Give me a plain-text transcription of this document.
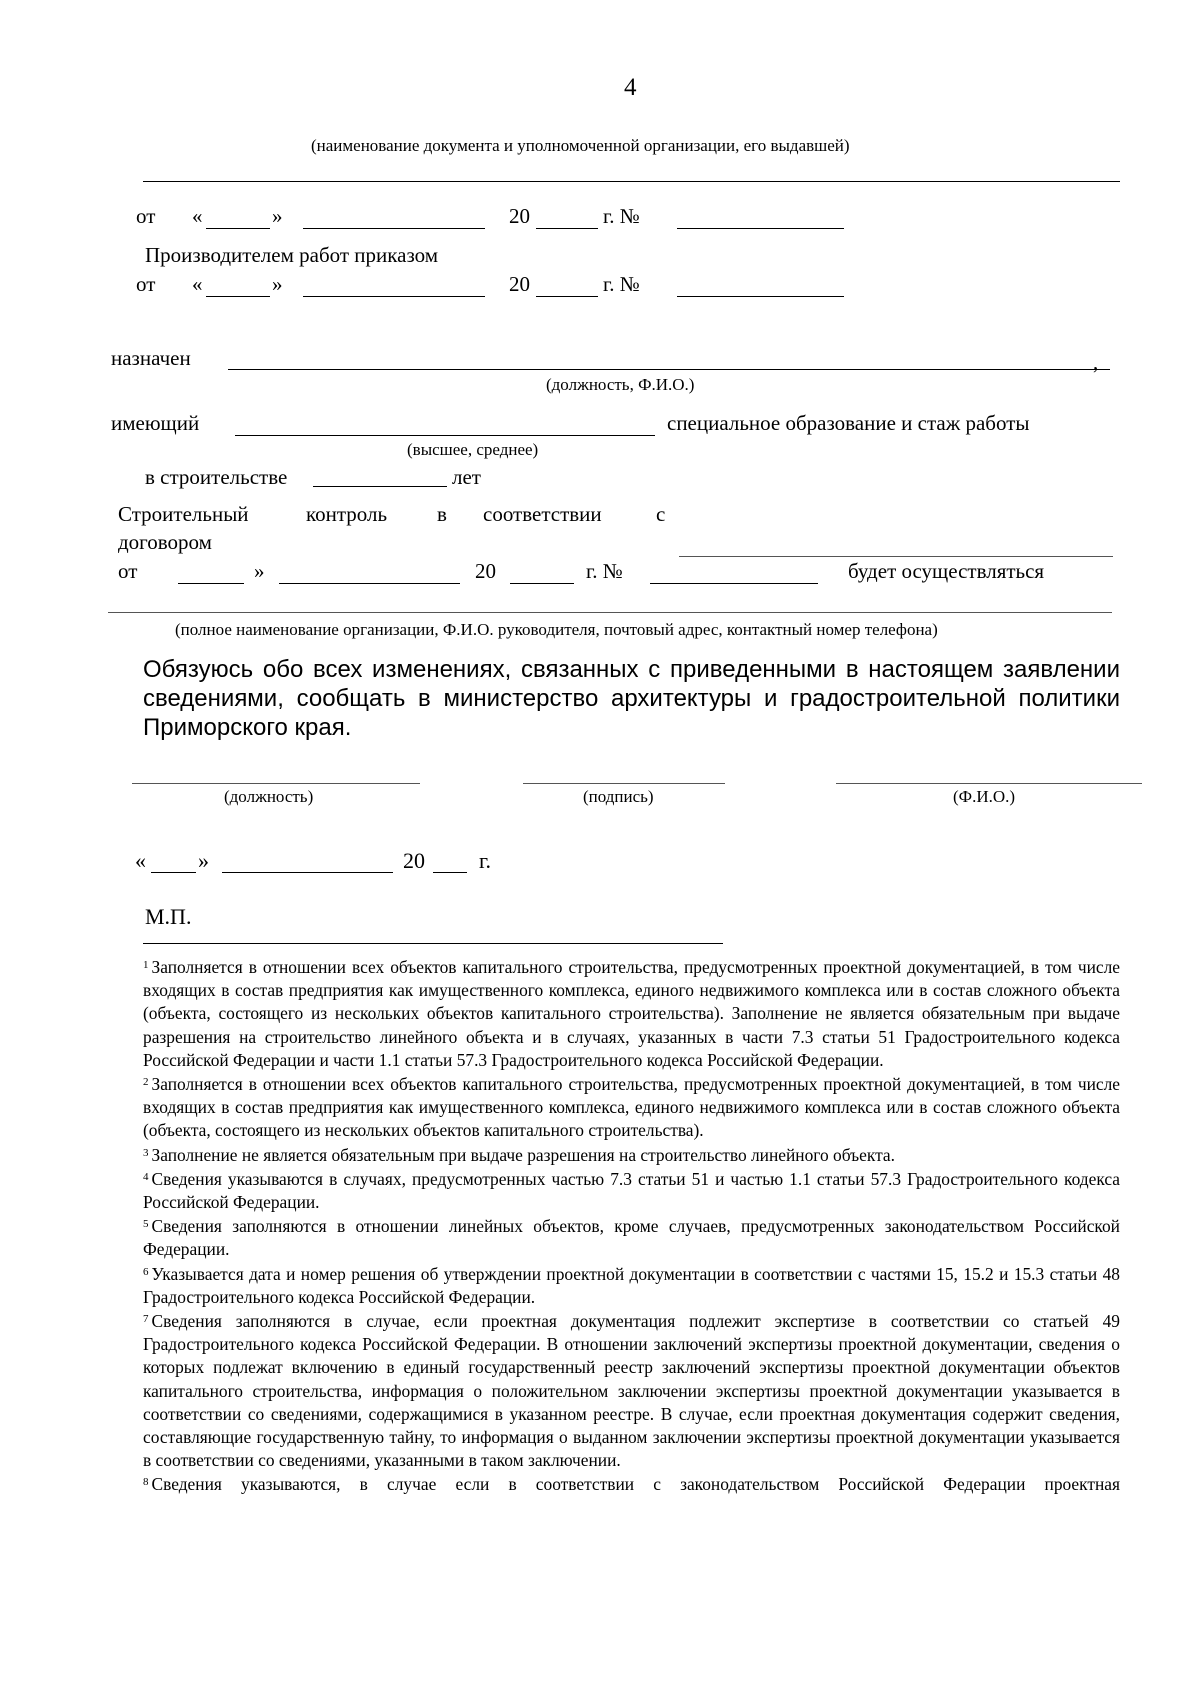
4
(наименование документа и уполномоченной организации, его выдавшей)
от «	»	20	г. №
Производителем работ приказом
от «	»	20	г. №
назначен	,
(должность, Ф.И.О.)
имеющий	специальное образование и стаж работы
(высшее, среднее)
в строительстве	лет
Строительный	контроль в соответствии	с
договором
от	»	20	г. №	будет осуществляться
(полное наименование организации, Ф.И.О. руководителя, почтовый адрес, контактный номер телефона)
Обязуюсь обо всех изменениях, связанных с приведенными в настоящем заявлении сведениями, сообщать в министерство архитектуры и градостроительной политики Приморского края.
(должность)	(подпись)	(Ф.И.О.)
« »	20 г.
М.П.

$^1$ Заполняется в отношении всех объектов капитального строительства, предусмотренных проектной документацией, в том числе входящих в состав предприятия как имущественного комплекса, единого недвижимого комплекса или в состав сложного объекта (объекта, состоящего из нескольких объектов капитального строительства). Заполнение не является обязательным при выдаче разрешения на строительство линейного объекта и в случаях, указанных в части 7.3 статьи 51 Градостроительного кодекса Российской Федерации и части 1.1 статьи 57.3 Градостроительного кодекса Российской Федерации.

$^2$ Заполняется в отношении всех объектов капитального строительства, предусмотренных проектной документацией, в том числе входящих в состав предприятия как имущественного комплекса, единого недвижимого комплекса или в состав сложного объекта (объекта, состоящего из нескольких объектов капитального строительства).

$^3$ Заполнение не является обязательным при выдаче разрешения на строительство линейного объекта.

$^4$ Сведения указываются в случаях, предусмотренных частью 7.3 статьи 51 и частью 1.1 статьи 57.3 Градостроительного кодекса Российской Федерации.

$^5$ Сведения заполняются в отношении линейных объектов, кроме случаев, предусмотренных законодательством Российской Федерации.

$^6$ Указывается дата и номер решения об утверждении проектной документации в соответствии с частями 15, 15.2 и 15.3 статьи 48 Градостроительного кодекса Российской Федерации.

$^7$ Сведения заполняются в случае, если проектная документация подлежит экспертизе в соответствии со статьей 49 Градостроительного кодекса Российской Федерации. В отношении заключений экспертизы проектной документации, сведения о которых подлежат включению в единый государственный реестр заключений экспертизы проектной документации объектов капитального строительства, информация о положительном заключении экспертизы проектной документации указывается в соответствии со сведениями, содержащимися в указанном реестре. В случае, если проектная документация содержит сведения, составляющие государственную тайну, то информация о выданном заключении экспертизы проектной документации указывается в соответствии со сведениями, указанными в таком заключении.

$^8$ Сведения указываются, в случае если в соответствии с законодательством Российской Федерации проектная
